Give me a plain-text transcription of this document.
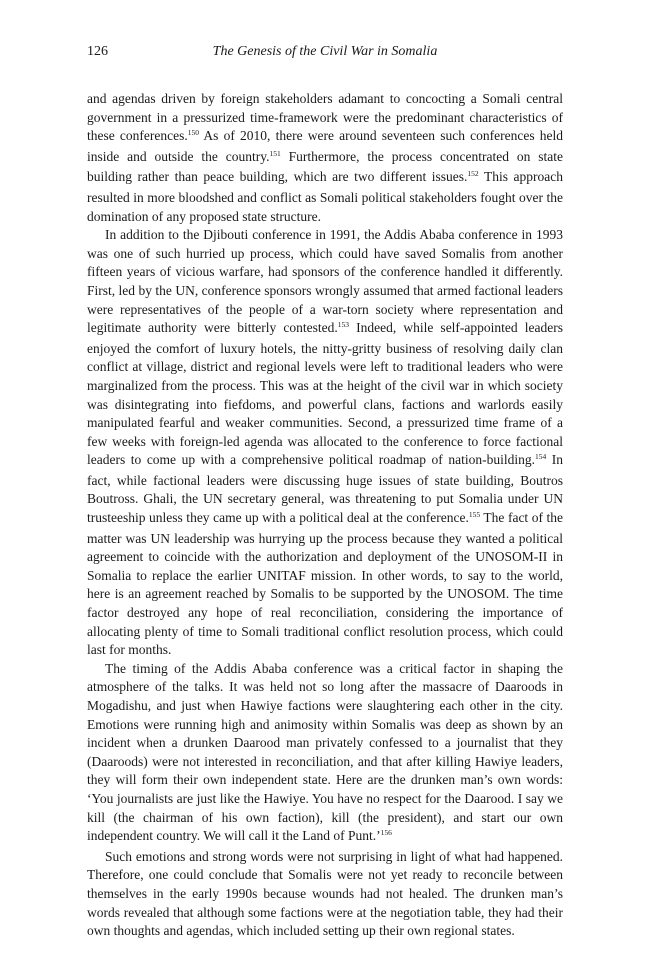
126	The Genesis of the Civil War in Somalia

and agendas driven by foreign stakeholders adamant to concocting a Somali central government in a pressurized time-framework were the predominant characteristics of these conferences.$^{150}$ As of 2010, there were around seventeen such conferences held inside and outside the country.$^{151}$ Furthermore, the process concentrated on state building rather than peace building, which are two different issues.$^{152}$ This approach resulted in more bloodshed and conflict as Somali political stakeholders fought over the domination of any proposed state structure.

In addition to the Djibouti conference in 1991, the Addis Ababa conference in 1993 was one of such hurried up process, which could have saved Somalis from another fifteen years of vicious warfare, had sponsors of the conference handled it differently. First, led by the UN, conference sponsors wrongly assumed that armed factional leaders were representatives of the people of a war-torn society where representation and legitimate authority were bitterly contested.$^{153}$ Indeed, while self-appointed leaders enjoyed the comfort of luxury hotels, the nitty-gritty business of resolving daily clan conflict at village, district and regional levels were left to traditional leaders who were marginalized from the process. This was at the height of the civil war in which society was disintegrating into fiefdoms, and powerful clans, factions and warlords easily manipulated fearful and weaker communities. Second, a pressurized time frame of a few weeks with foreign-led agenda was allocated to the conference to force factional leaders to come up with a comprehensive political roadmap of nation-building.$^{154}$ In fact, while factional leaders were discussing huge issues of state building, Boutros Boutross. Ghali, the UN secretary general, was threatening to put Somalia under UN trusteeship unless they came up with a political deal at the conference.$^{155}$ The fact of the matter was UN leadership was hurrying up the process because they wanted a political agreement to coincide with the authorization and deployment of the UNOSOM-II in Somalia to replace the earlier UNITAF mission. In other words, to say to the world, here is an agreement reached by Somalis to be supported by the UNOSOM. The time factor destroyed any hope of real reconciliation, considering the importance of allocating plenty of time to Somali traditional conflict resolution process, which could last for months.

The timing of the Addis Ababa conference was a critical factor in shaping the atmosphere of the talks. It was held not so long after the massacre of Daaroods in Mogadishu, and just when Hawiye factions were slaughtering each other in the city. Emotions were running high and animosity within Somalis was deep as shown by an incident when a drunken Daarood man privately confessed to a journalist that they (Daaroods) were not interested in reconciliation, and that after killing Hawiye leaders, they will form their own independent state. Here are the drunken man’s own words: ‘You journalists are just like the Hawiye. You have no respect for the Daarood. I say we kill (the chairman of his own faction), kill (the president), and start our own independent country. We will call it the Land of Punt.’$^{156}$

Such emotions and strong words were not surprising in light of what had happened. Therefore, one could conclude that Somalis were not yet ready to reconcile between themselves in the early 1990s because wounds had not healed. The drunken man’s words revealed that although some factions were at the negotiation table, they had their own thoughts and agendas, which included setting up their own regional states.
